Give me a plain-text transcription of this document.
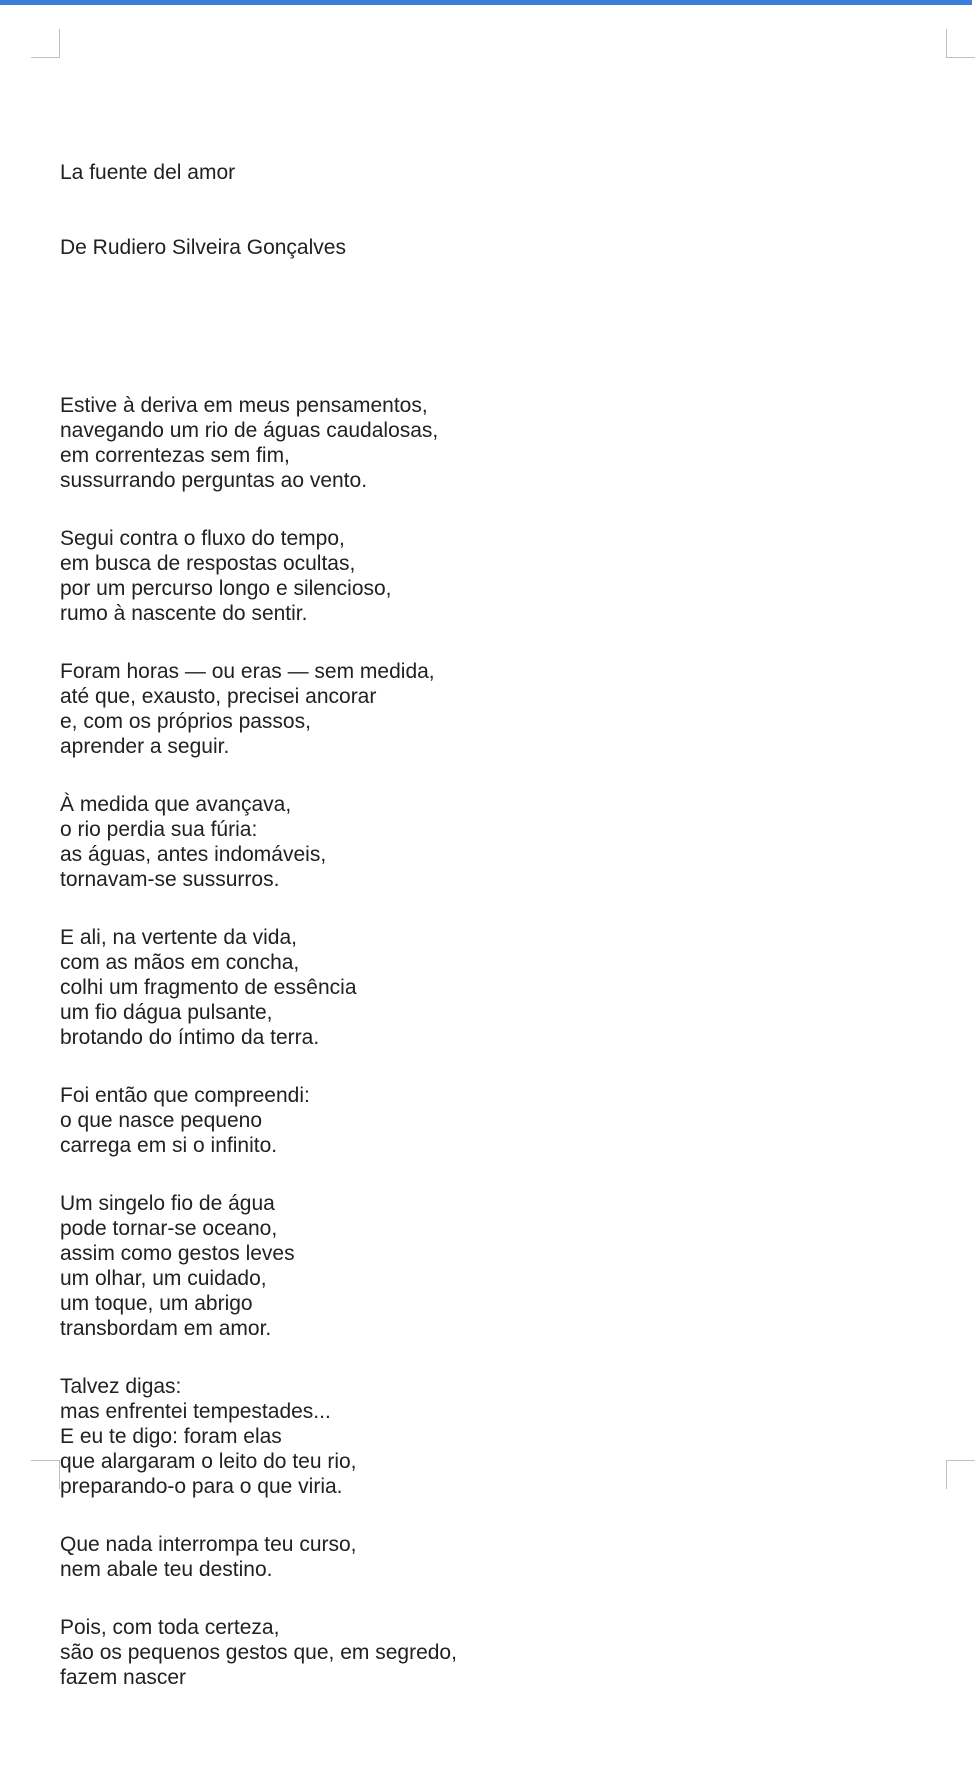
La fuente del amor

De Rudiero Silveira Gonçalves

Estive à deriva em meus pensamentos,
navegando um rio de águas caudalosas,
em correntezas sem fim,
sussurrando perguntas ao vento.
Segui contra o fluxo do tempo,
em busca de respostas ocultas,
por um percurso longo e silencioso,
rumo à nascente do sentir.
Foram horas — ou eras — sem medida,
até que, exausto, precisei ancorar
e, com os próprios passos,
aprender a seguir.
À medida que avançava,
o rio perdia sua fúria:
as águas, antes indomáveis,
tornavam-se sussurros.
E ali, na vertente da vida,
com as mãos em concha,
colhi um fragmento de essência
um fio dágua pulsante,
brotando do íntimo da terra.
Foi então que compreendi:
o que nasce pequeno
carrega em si o infinito.
Um singelo fio de água
pode tornar-se oceano,
assim como gestos leves
um olhar, um cuidado,
um toque, um abrigo
transbordam em amor.
Talvez digas:
mas enfrentei tempestades...
E eu te digo: foram elas
que alargaram o leito do teu rio,
preparando-o para o que viria.
Que nada interrompa teu curso,
nem abale teu destino.
Pois, com toda certeza,
são os pequenos gestos que, em segredo,
fazem nascer
